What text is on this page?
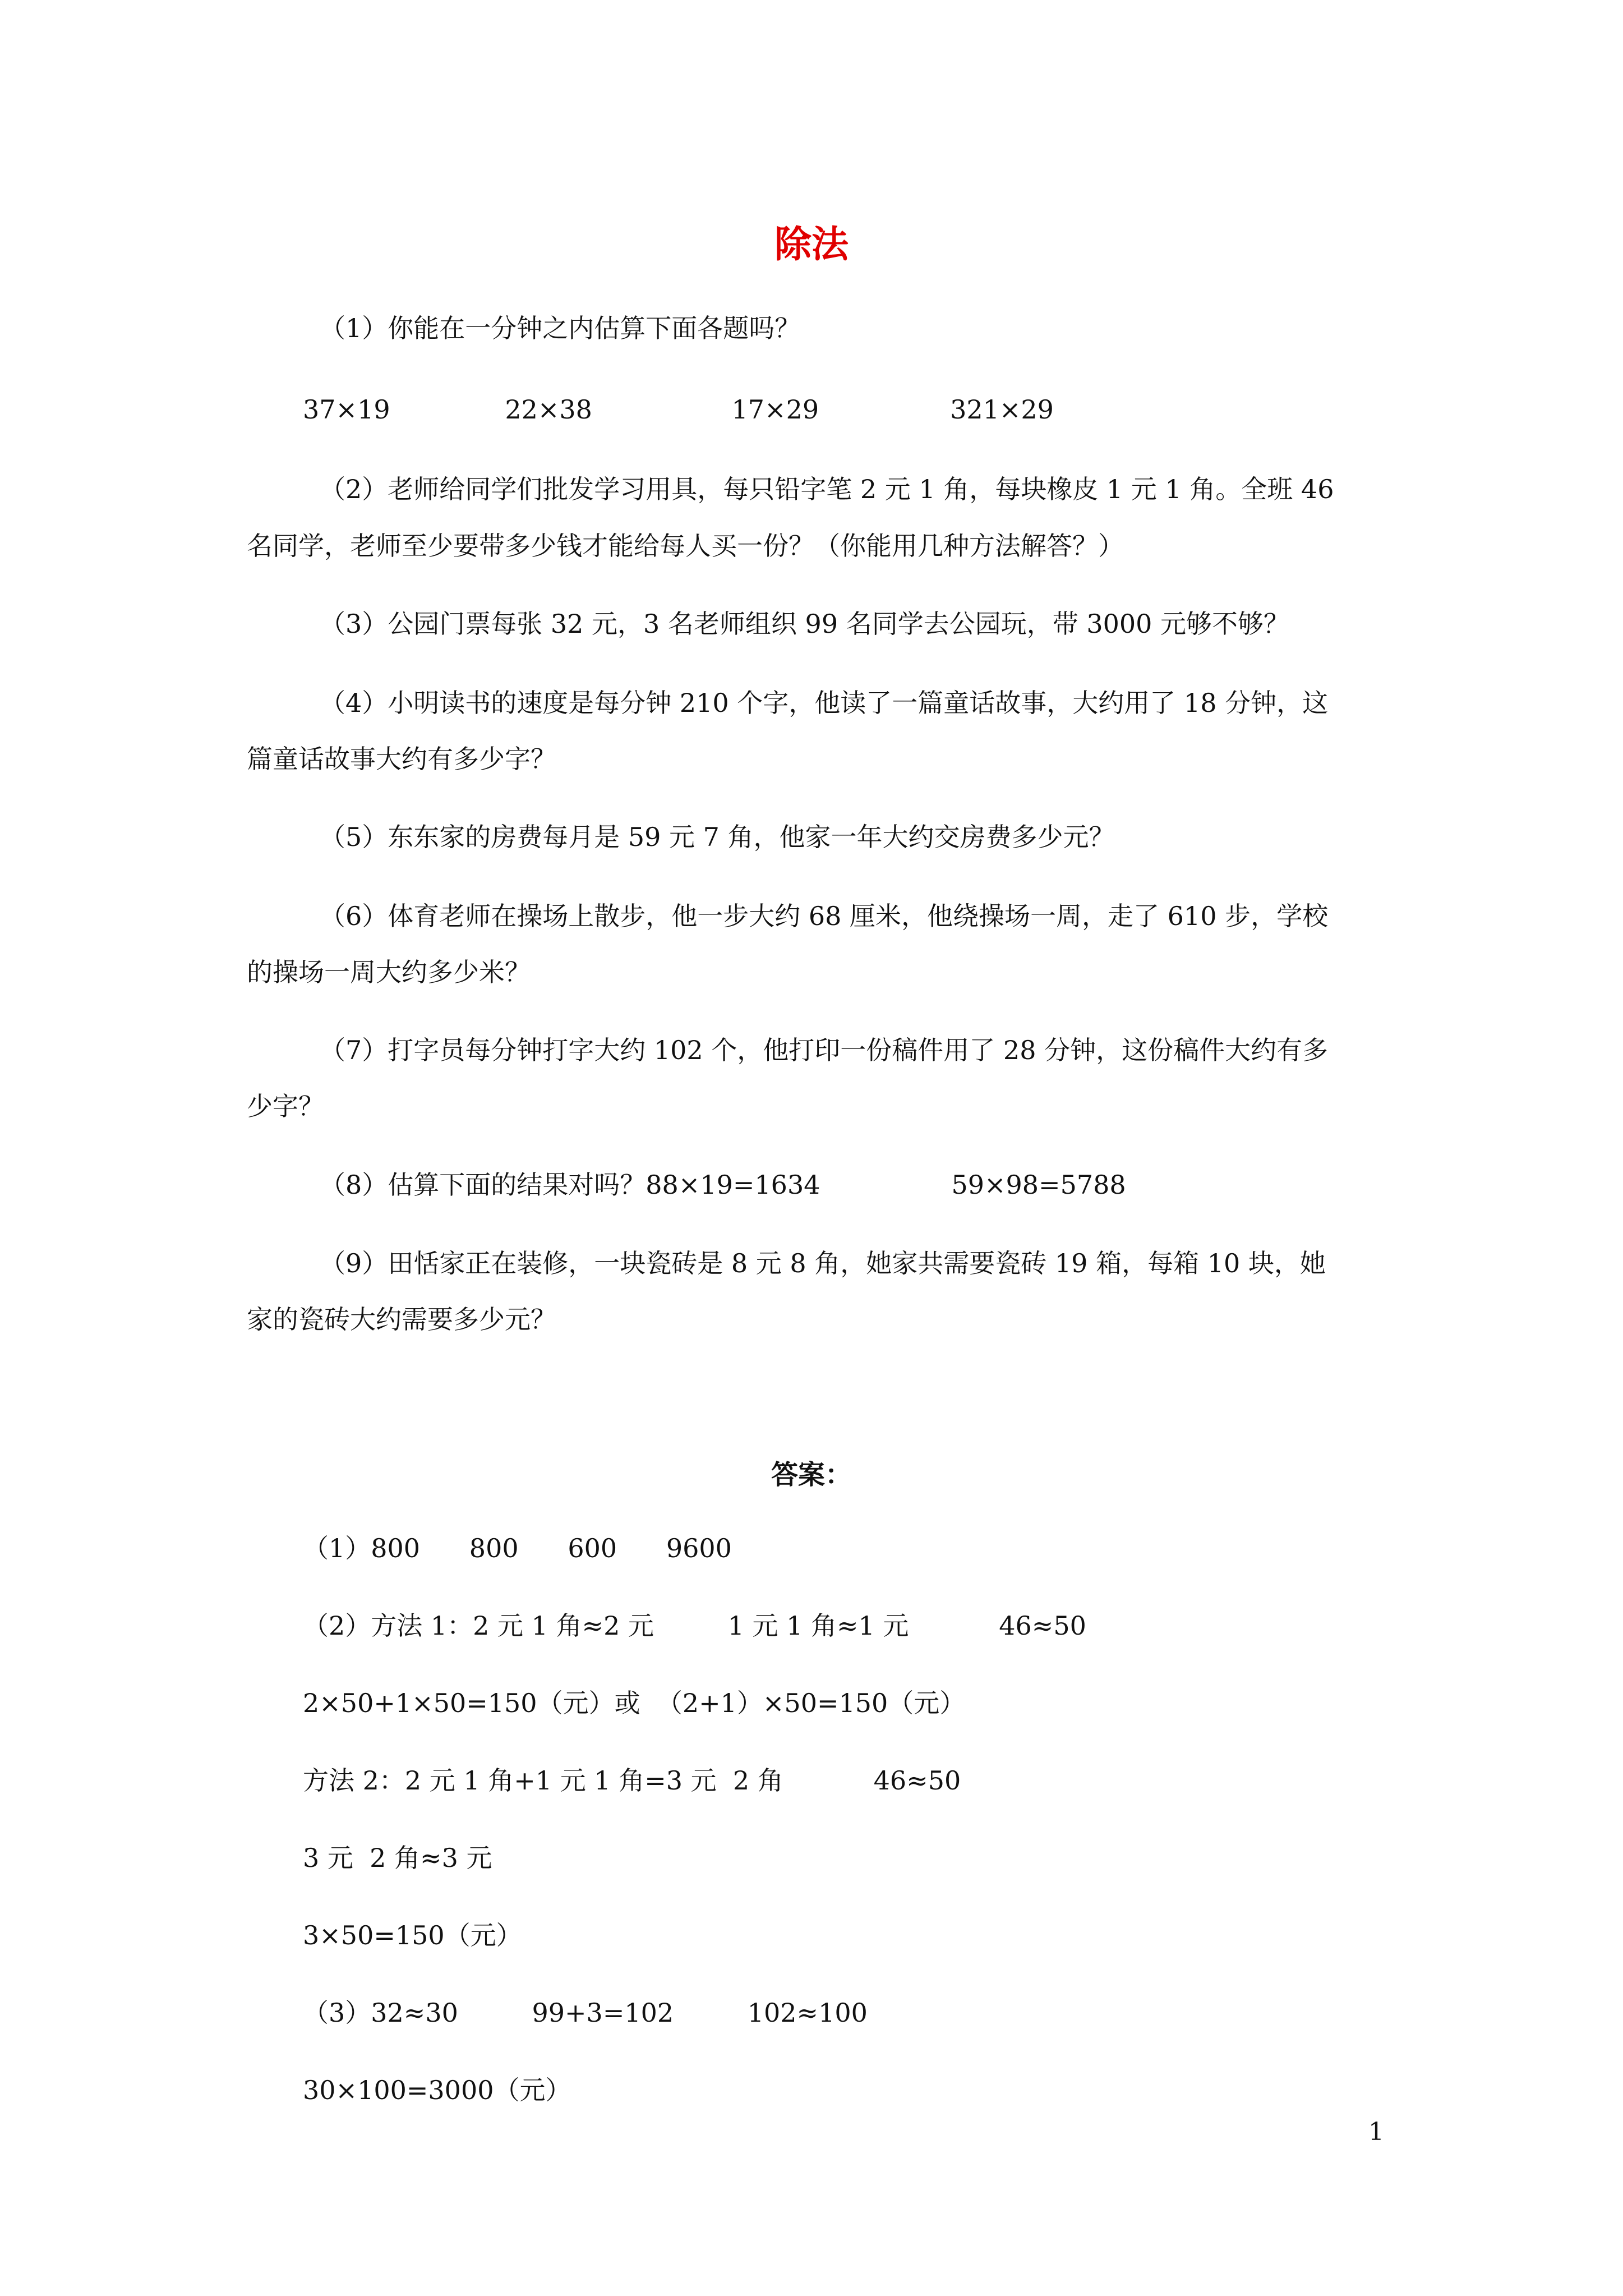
除法

（1）你能在一分钟之内估算下面各题吗？

37×19              22×38                 17×29                321×29

（2）老师给同学们批发学习用具，每只铅字笔 2 元 1 角，每块橡皮 1 元 1 角。全班 46

名同学，老师至少要带多少钱才能给每人买一份？（你能用几种方法解答？）

（3）公园门票每张 32 元，3 名老师组织 99 名同学去公园玩，带 3000 元够不够？

（4）小明读书的速度是每分钟 210 个字，他读了一篇童话故事，大约用了 18 分钟，这

篇童话故事大约有多少字？

（5）东东家的房费每月是 59 元 7 角，他家一年大约交房费多少元？

（6）体育老师在操场上散步，他一步大约 68 厘米，他绕操场一周，走了 610 步，学校

的操场一周大约多少米？

（7）打字员每分钟打字大约 102 个，他打印一份稿件用了 28 分钟，这份稿件大约有多

少字？

（8）估算下面的结果对吗？88×19=1634                59×98=5788

（9）田恬家正在装修，一块瓷砖是 8 元 8 角，她家共需要瓷砖 19 箱，每箱 10 块，她

家的瓷砖大约需要多少元？

答案：

（1）800      800      600      9600

（2）方法 1：2 元 1 角≈2 元         1 元 1 角≈1 元           46≈50

2×50+1×50=150（元）或  （2+1）×50=150（元）

方法 2：2 元 1 角+1 元 1 角=3 元  2 角           46≈50

3 元  2 角≈3 元

3×50=150（元）

（3）32≈30         99+3=102         102≈100

30×100=3000（元）

1
